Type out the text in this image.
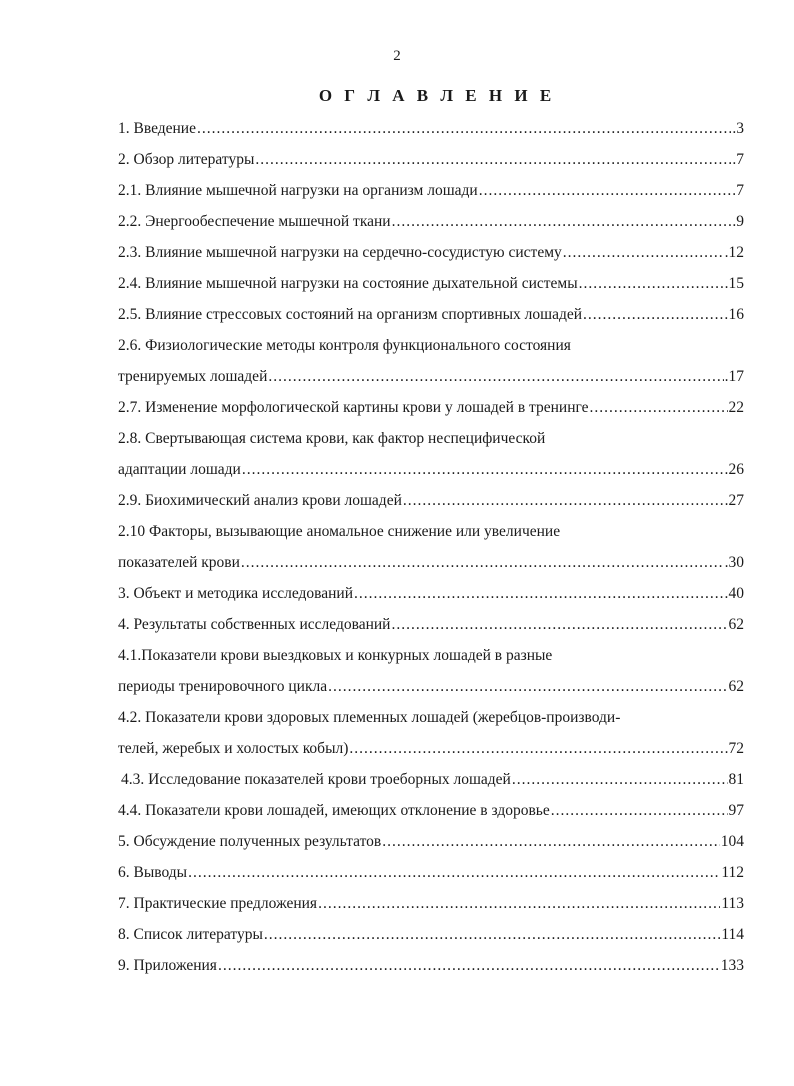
2
О Г Л А В Л Е Н И Е
1. Введение .....	.3
2. Обзор литературы .....	.7
2.1. Влияние мышечной нагрузки на организм лошади .....	7
2.2. Энергообеспечение мышечной ткани .....	.9
2.3. Влияние мышечной нагрузки на сердечно-сосудистую систему .....	.12
2.4. Влияние мышечной нагрузки на состояние дыхательной системы .....	.15
2.5. Влияние стрессовых состояний на организм спортивных лошадей .....	16
2.6. Физиологические методы контроля функционального состояния
тренируемых лошадей .....	.17
2.7. Изменение морфологической картины крови у лошадей в тренинге .....	22
2.8. Свертывающая система крови, как фактор неспецифической
адаптации лошади .....	26
2.9. Биохимический анализ крови лошадей .....	27
2.10 Факторы, вызывающие аномальное снижение или увеличение
показателей крови .....	.30
3. Объект и методика исследований .....	40
4. Результаты собственных исследований .....	62
4.1.Показатели крови выездковых и конкурных лошадей в разные
периоды тренировочного цикла .....	62
4.2. Показатели крови здоровых племенных лошадей (жеребцов-производи-
телей, жеребых и холостых кобыл) .....	.72
4.3. Исследование показателей крови троеборных лошадей .....	81
4.4. Показатели крови лошадей, имеющих отклонение в здоровье .....	97
5. Обсуждение полученных результатов .....	104
6. Выводы .....	112
7. Практические предложения .....	113
8. Список литературы .....	114
9. Приложения .....	133
